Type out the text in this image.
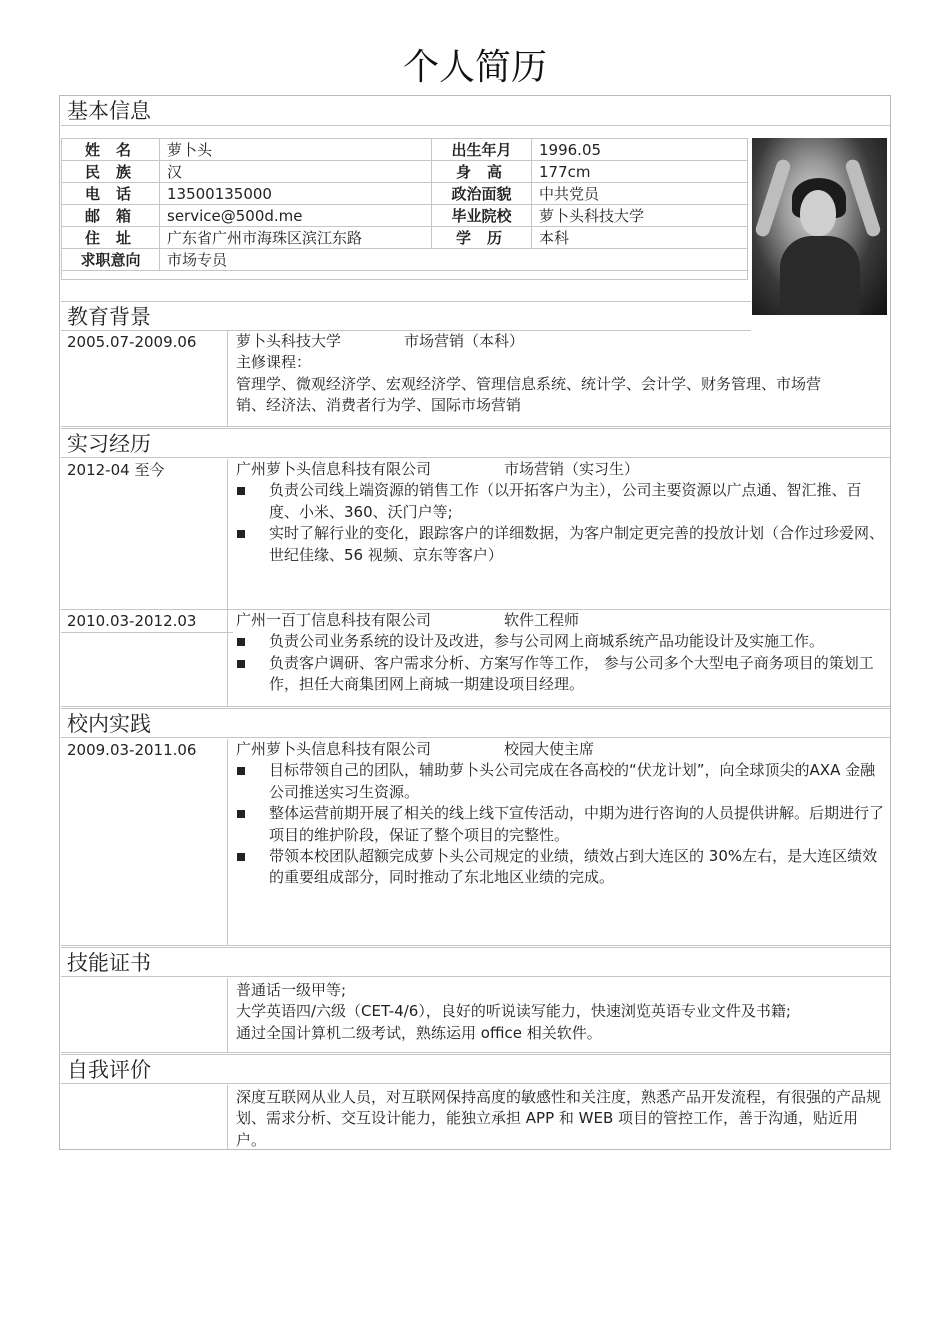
个人简历
基本信息
姓名	萝卜头	出生年月	1996.05
民族	汉	身高	177cm
电话	13500135000	政治面貌	中共党员
邮箱	service@500d.me	毕业院校	萝卜头科技大学
住址	广东省广州市海珠区滨江东路	学历	本科
求职意向	市场专员		

教育背景
2005.07-2009.06	萝卜头科技大学	市场营销（本科）
主修课程：
管理学、微观经济学、宏观经济学、管理信息系统、统计学、会计学、财务管理、市场营
销、经济法、消费者行为学、国际市场营销
实习经历
2012-04 至今	广州萝卜头信息科技有限公司	市场营销（实习生）
负责公司线上端资源的销售工作（以开拓客户为主），公司主要资源以广点通、智汇推、百度、小米、360、沃门户等;
实时了解行业的变化，跟踪客户的详细数据，为客户制定更完善的投放计划（合作过珍爱网、世纪佳缘、56 视频、京东等客户）
2010.03-2012.03	广州一百丁信息科技有限公司	软件工程师
负责公司业务系统的设计及改进，参与公司网上商城系统产品功能设计及实施工作。
负责客户调研、客户需求分析、方案写作等工作， 参与公司多个大型电子商务项目的策划工作，担任大商集团网上商城一期建设项目经理。
校内实践
2009.03-2011.06	广州萝卜头信息科技有限公司	校园大使主席
目标带领自己的团队，辅助萝卜头公司完成在各高校的“伏龙计划”，向全球顶尖的AXA 金融公司推送实习生资源。
整体运营前期开展了相关的线上线下宣传活动，中期为进行咨询的人员提供讲解。后期进行了项目的维护阶段，保证了整个项目的完整性。
带领本校团队超额完成萝卜头公司规定的业绩，绩效占到大连区的 30%左右，是大连区绩效的重要组成部分，同时推动了东北地区业绩的完成。
技能证书

普通话一级甲等;

大学英语四/六级（CET-4/6），良好的听说读写能力，快速浏览英语专业文件及书籍;

通过全国计算机二级考试，熟练运用 office 相关软件。

自我评价

深度互联网从业人员，对互联网保持高度的敏感性和关注度，熟悉产品开发流程，有很强的产品规划、需求分析、交互设计能力，能独立承担 APP 和 WEB 项目的管控工作，善于沟通，贴近用户。
